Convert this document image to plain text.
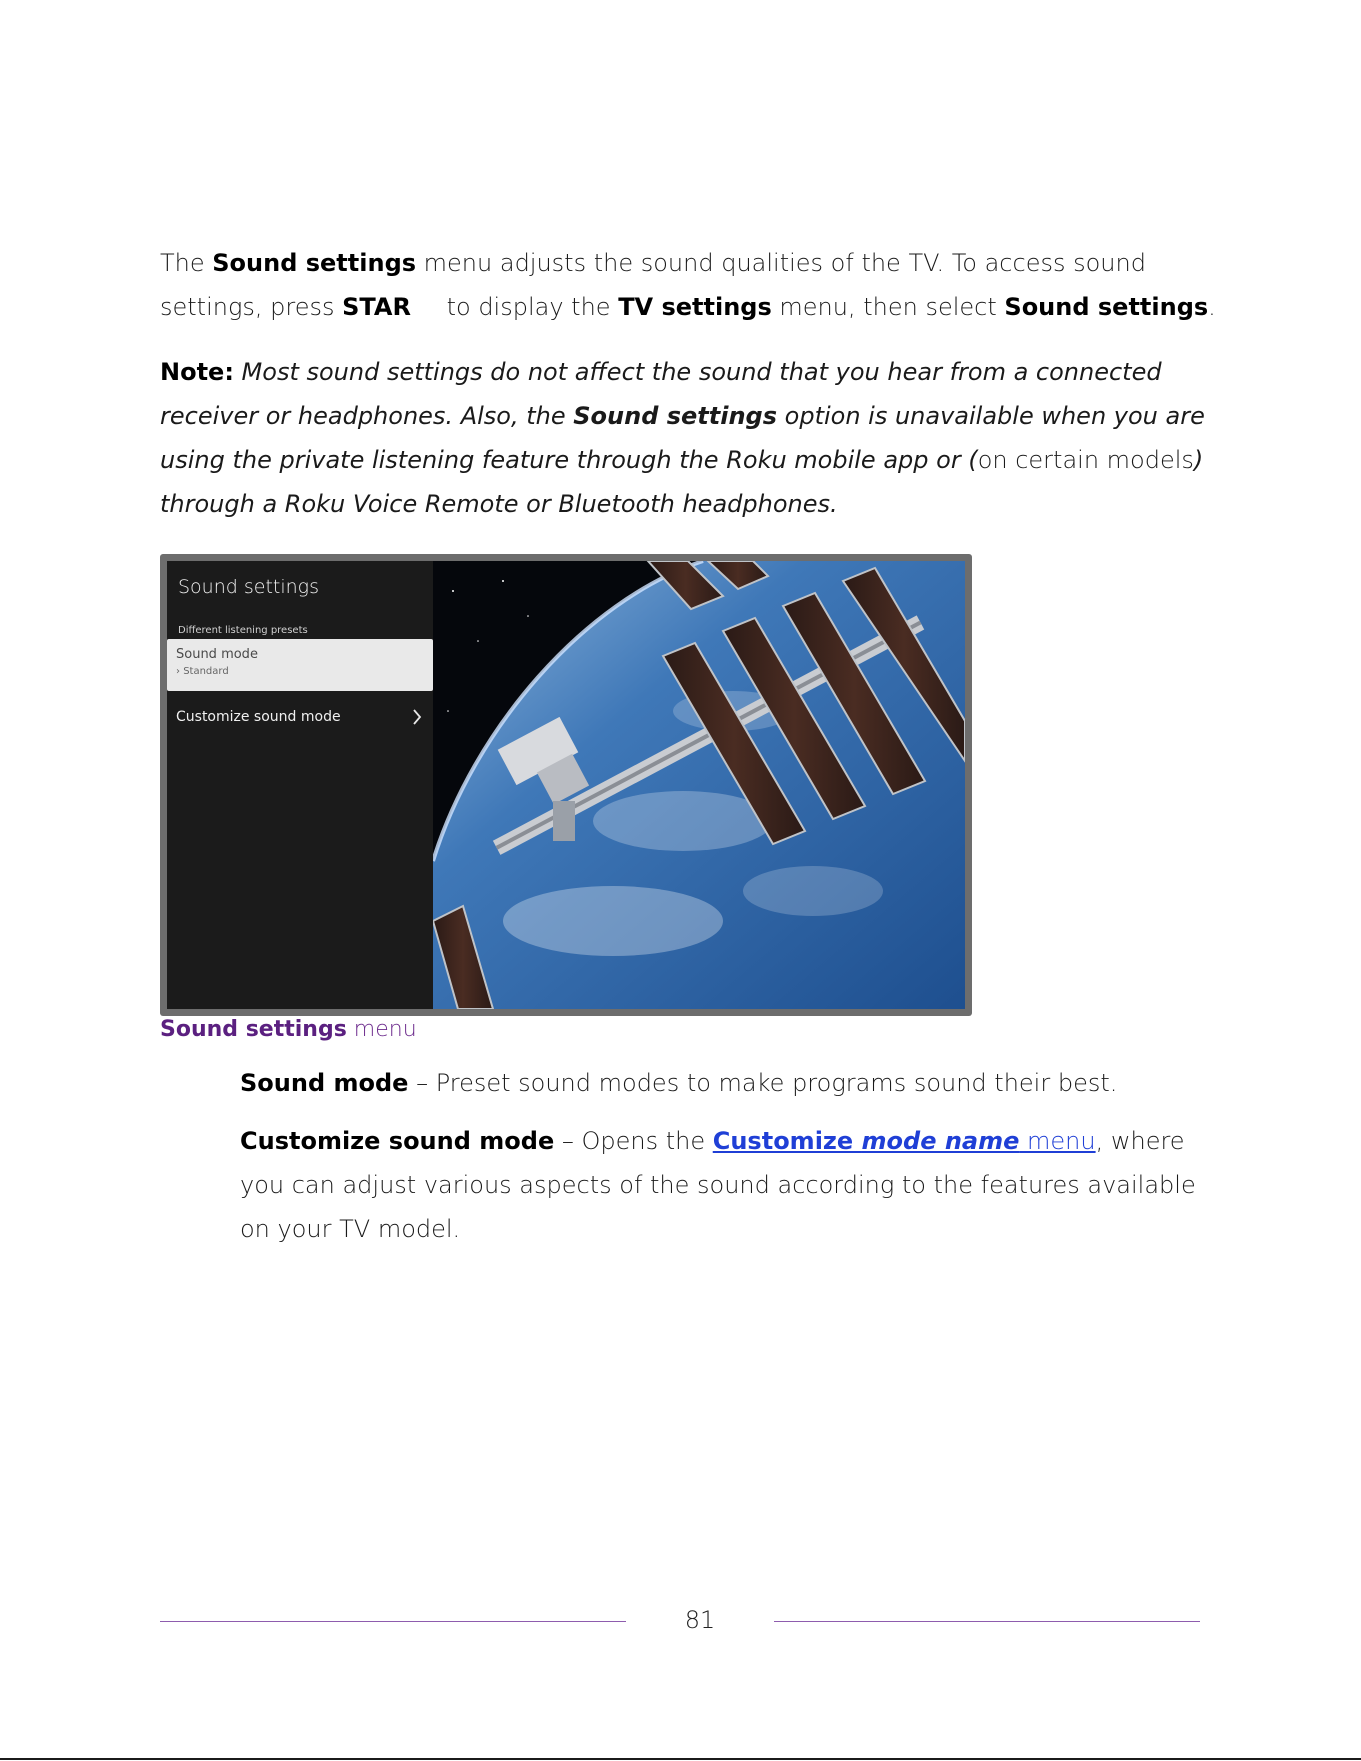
The Sound settings menu adjusts the sound qualities of the TV. To access sound settings, press STAR to display the TV settings menu, then select Sound settings.

Note: Most sound settings do not affect the sound that you hear from a connected receiver or headphones. Also, the Sound settings option is unavailable when you are using the private listening feature through the Roku mobile app or (on certain models) through a Roku Voice Remote or Bluetooth headphones.

Sound settings
Different listening presets
Sound mode
› Standard
Customize sound mode
Sound settings menu

Sound mode – Preset sound modes to make programs sound their best.

Customize sound mode – Opens the Customize mode name menu, where you can adjust various aspects of the sound according to the features available on your TV model.

81
